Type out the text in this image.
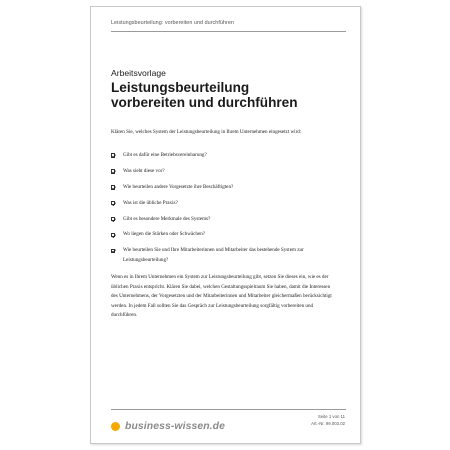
Leistungsbeurteilung: vorbereiten und durchführen
Arbeitsvorlage
Leistungsbeurteilung
vorbereiten und durchführen
Klären Sie, welches System der Leistungsbeurteilung in Ihrem Unternehmen eingesetzt wird:
Gibt es dafür eine Betriebsvereinbarung?
Was sieht diese vor?
Wie beurteilen andere Vorgesetzte ihre Beschäftigten?
Was ist die übliche Praxis?
Gibt es besondere Merkmale des Systems?
Wo liegen die Stärken oder Schwächen?
Wie beurteilen Sie und Ihre Mitarbeiterinnen und Mitarbeiter das bestehende System zur Leistungsbeurteilung?
Wenn es in Ihrem Unternehmen ein System zur Leistungsbeurteilung gibt, setzen Sie dieses ein, wie es der üblichen Praxis entspricht. Klären Sie dabei, welchen Gestaltungsspielraum Sie haben, damit die Interessen des Unternehmens, der Vorgesetzten und der Mitarbeiterinnen und Mitarbeiter gleichermaßen berücksichtigt werden. In jedem Fall sollten Sie das Gespräch zur Leistungsbeurteilung sorgfältig vorbereiten und durchführen.
business-wissen.de
Seite 1 von 11
Art.-Nr. 99.003.02
